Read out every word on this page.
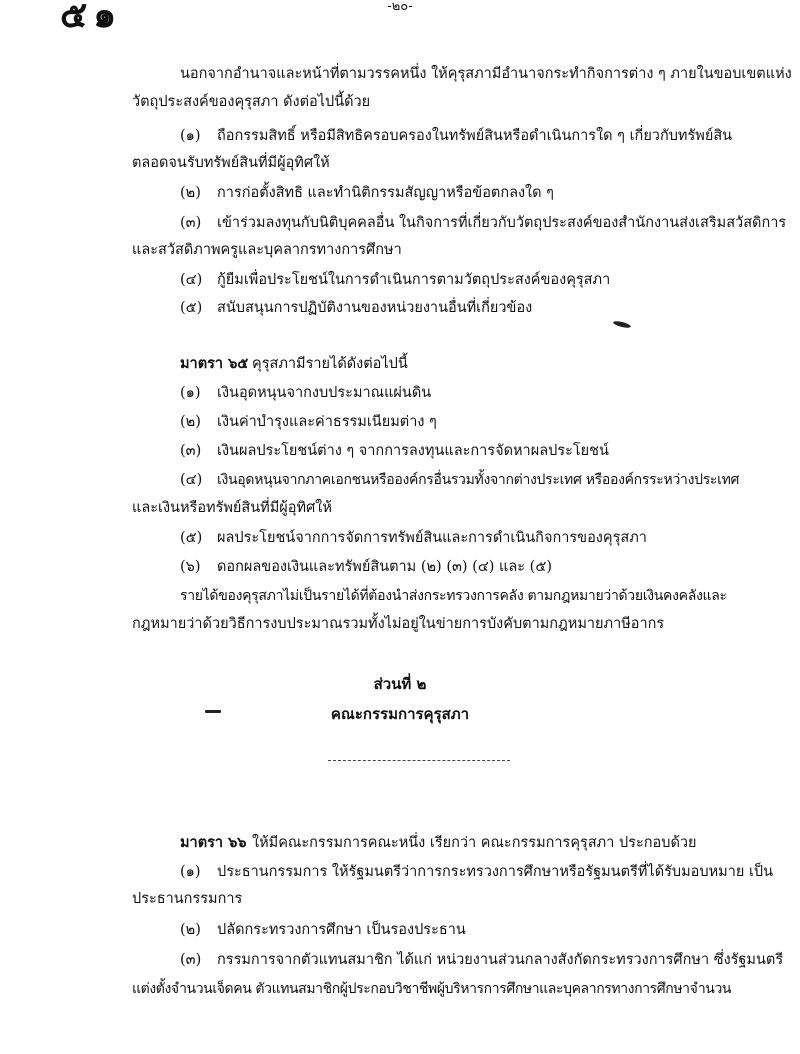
๕๑	-๒๐-
นอกจากอำนาจและหน้าที่ตามวรรคหนึ่ง ให้คุรุสภามีอำนาจกระทำกิจการต่าง ๆ ภายในขอบเขตแห่ง
วัตถุประสงค์ของคุรุสภา ดังต่อไปนี้ด้วย
(๑) ถือกรรมสิทธิ์ หรือมีสิทธิครอบครองในทรัพย์สินหรือดำเนินการใด ๆ เกี่ยวกับทรัพย์สิน
ตลอดจนรับทรัพย์สินที่มีผู้อุทิศให้
(๒) การก่อตั้งสิทธิ และทำนิติกรรมสัญญาหรือข้อตกลงใด ๆ
(๓) เข้าร่วมลงทุนกับนิติบุคคลอื่น ในกิจการที่เกี่ยวกับวัตถุประสงค์ของสำนักงานส่งเสริมสวัสดิการ
และสวัสดิภาพครูและบุคลากรทางการศึกษา
(๔) กู้ยืมเพื่อประโยชน์ในการดำเนินการตามวัตถุประสงค์ของคุรุสภา
(๕) สนับสนุนการปฏิบัติงานของหน่วยงานอื่นที่เกี่ยวข้อง
มาตรา ๖๕ คุรุสภามีรายได้ดังต่อไปนี้
(๑) เงินอุดหนุนจากงบประมาณแผ่นดิน
(๒) เงินค่าบำรุงและค่าธรรมเนียมต่าง ๆ
(๓) เงินผลประโยชน์ต่าง ๆ จากการลงทุนและการจัดหาผลประโยชน์
(๔) เงินอุดหนุนจากภาคเอกชนหรือองค์กรอื่นรวมทั้งจากต่างประเทศ หรือองค์กรระหว่างประเทศ
และเงินหรือทรัพย์สินที่มีผู้อุทิศให้
(๕) ผลประโยชน์จากการจัดการทรัพย์สินและการดำเนินกิจการของคุรุสภา
(๖) ดอกผลของเงินและทรัพย์สินตาม (๒) (๓) (๔) และ (๕)
รายได้ของคุรุสภาไม่เป็นรายได้ที่ต้องนำส่งกระทรวงการคลัง ตามกฎหมายว่าด้วยเงินคงคลังและ
กฎหมายว่าด้วยวิธีการงบประมาณรวมทั้งไม่อยู่ในข่ายการบังคับตามกฎหมายภาษีอากร
ส่วนที่ ๒
คณะกรรมการคุรุสภา
มาตรา ๖๖ ให้มีคณะกรรมการคณะหนึ่ง เรียกว่า คณะกรรมการคุรุสภา ประกอบด้วย
(๑) ประธานกรรมการ ให้รัฐมนตรีว่าการกระทรวงการศึกษาหรือรัฐมนตรีที่ได้รับมอบหมาย เป็น
ประธานกรรมการ
(๒) ปลัดกระทรวงการศึกษา เป็นรองประธาน
(๓) กรรมการจากตัวแทนสมาชิก ได้แก่ หน่วยงานส่วนกลางสังกัดกระทรวงการศึกษา ซึ่งรัฐมนตรี
แต่งตั้งจำนวนเจ็ดคน ตัวแทนสมาชิกผู้ประกอบวิชาชีพผู้บริหารการศึกษาและบุคลากรทางการศึกษาจำนวน
